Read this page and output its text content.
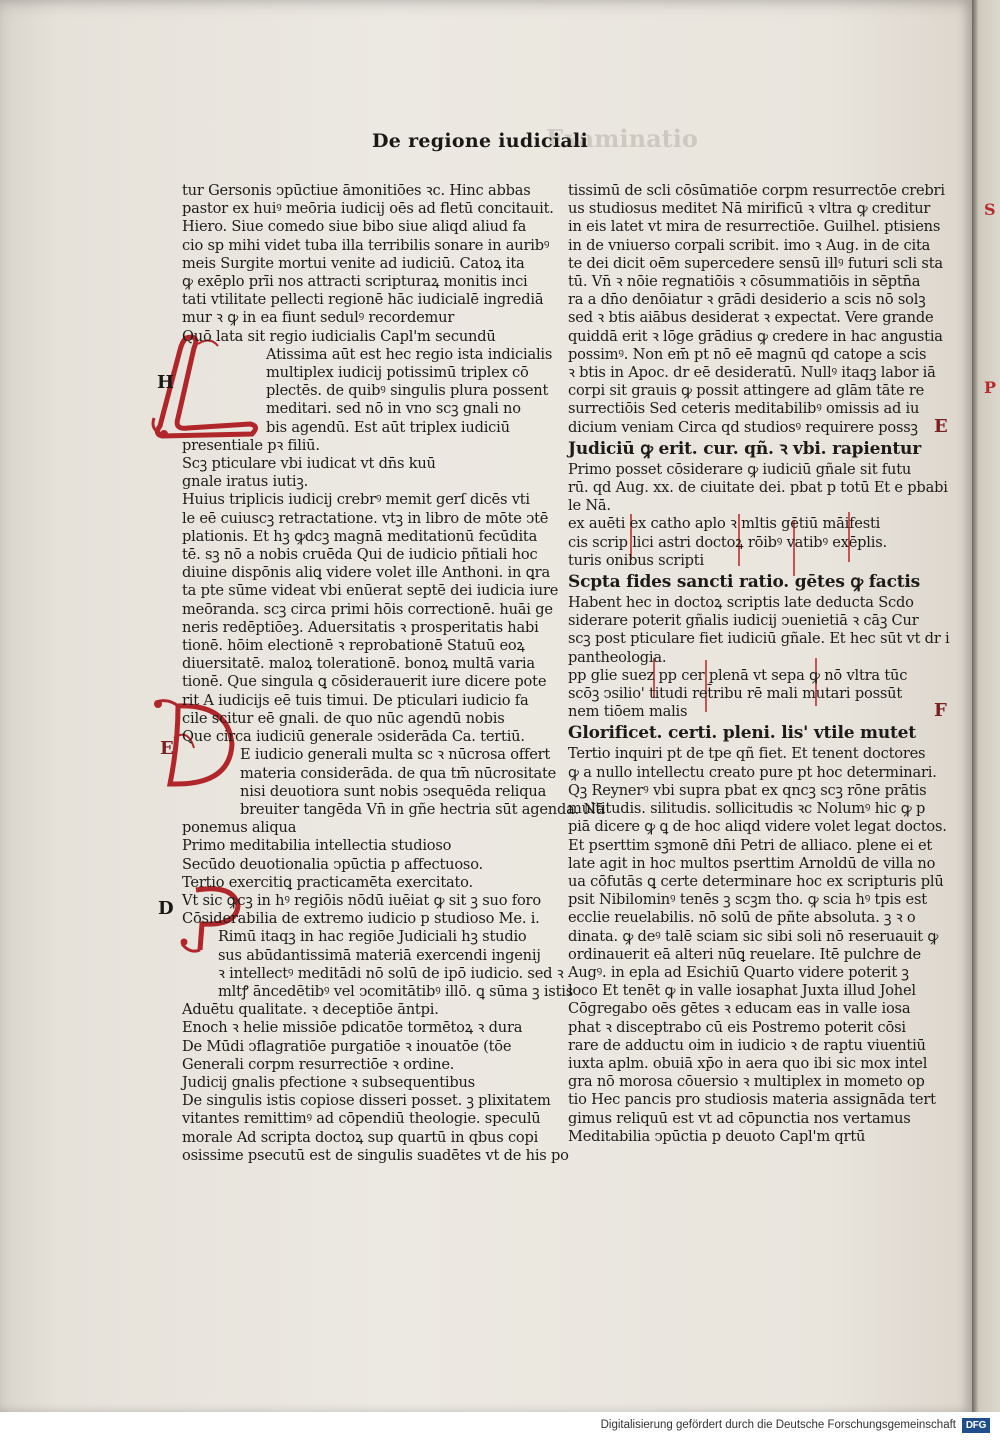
Examinatio
De regione iudiciali
H
E
E
F
D
S
P
tur Gersonis ↄpūctiue āmonitiōes ꝛc. Hinc abbas
pastor ex huiꝰ meōria iudicij oēs ad fletū concitauit.
Hiero. Siue comedo siue bibo siue aliqd aliud fa
cio sp mihi videt tuba illa terribilis sonare in auribꝰ
meis Surgite mortui venite ad iudiciū. Catoꝝ ita
ꝙ exēplo prīi nos attracti scripturaꝝ monitis inci
tati vtilitate pellecti regionē hāc iudicialē ingrediā
mur ꝛ ꝙ in ea fiunt sedulꝰ recordemur
Quō lata sit regio iudicialis Capl'm secundū
Atissima aūt est hec regio ista indicialis
multiplex iudicij potissimū triplex cō
plectēs. de quibꝰ singulis plura possent
meditari. sed nō in vno scꝫ gnali no
bis agendū. Est aūt triplex iudiciū
presentiale pꝛ filiū.
Scꝫ pticulare vbi iudicat vt dn̄s kuū
gnale iratus iutiꝫ.
Huius triplicis iudicij crebrꝰ memit gerſ dicēs vti
le eē cuiuscꝫ retractatione. vtꝫ in libro de mōte ↄtē
plationis. Et hꝫ ꝙdcꝫ magnā meditationū fecūdita
tē. sꝫ nō a nobis cruēda Qui de iudicio pñtiali hoc
diuine dispōnis aliꝗ videre volet ille Anthoni. in ꝗra
ta pte sūme videat vbi enūerat septē dei iudicia iure
meōranda. scꝫ circa primi hōis correctionē. huāi ge
neris redēptiōeꝫ. Aduersitatis ꝛ prosperitatis habi
tionē. hōim electionē ꝛ reprobationē Statuū eoꝝ
diuersitatē. maloꝝ tolerationē. bonoꝝ multā varia
tionē. Que singula ꝗ cōsiderauerit iure dicere pote
rit A iudicijs eē tuis timui. De pticulari iudicio fa
cile scitur eē gnali. de quo nūc agendū nobis
Que circa iudiciū generale ↄsiderāda Ca. tertiū.
E iudicio generali multa sc ꝛ nūcrosa offert
materia considerāda. de qua tm̄ nūcrositate
nisi deuotiora sunt nobis ↄsequēda reliqua
breuiter tangēda Vn̄ in gñe hectria sūt agenda. Nā
ponemus aliqua
Primo meditabilia intellectia studioso
Secūdo deuotionalia ↄpūctia p affectuoso.
Tertio exercitiꝗ practicamēta exercitato.
Vt sic ꝙcꝫ in hꝰ regiōis nōdū iuēiat ꝙ sit ꝫ suo foro
Cōsiderabilia de extremo iudicio p studioso Me. i.
Rimū itaqꝫ in hac regiōe Judiciali hꝫ studio
sus abūdantissimā materiā exercendi ingenij
ꝛ intellectꝰ meditādi nō solū de ipō iudicio. sed ꝛ
mltꝭ āncedētibꝰ vel ↄcomitātibꝰ illō. ꝗ sūma ꝫ istis
Aduētu qualitate. ꝛ deceptiōe āntpi.
Enoch ꝛ helie missiōe pdicatōe tormētoꝝ ꝛ dura
De Mūdi ↄflagratiōe purgatiōe ꝛ inouatōe (tōe
Generali corpm resurrectiōe ꝛ ordine.
Judicij gnalis pfectione ꝛ subsequentibus
De singulis istis copiose disseri posset. ꝫ plixitatem
vitantes remittimꝰ ad cōpendiū theologie. speculū
morale Ad scripta doctoꝝ sup quartū in qbus copi
osissime psecutū est de singulis suadētes vt de his po
tissimū de scli cōsūmatiōe corpm resurrectōe crebri
us studiosus meditet Nā mirificū ꝛ vltra ꝙ creditur
in eis latet vt mira de resurrectiōe. Guilhel. ptisiens
in de vniuerso corpali scribit. imo ꝛ Aug. in de cita
te dei dicit oēm supercedere sensū illꝰ futuri scli sta
tū. Vn̄ ꝛ nōie regnatiōis ꝛ cōsummatiōis in sēptn̄a
ra a dn̄o denōiatur ꝛ grādi desiderio a scis nō solꝫ
sed ꝛ btis aiābus desiderat ꝛ expectat. Vere grande
quiddā erit ꝛ lōge grādius ꝙ credere in hac angustia
possimꝰ. Non em̄ pt nō eē magnū qd catope a scis
ꝛ btis in Apoc. dr eē desideratū. Nullꝰ itaqꝫ labor iā
corpi sit grauis ꝙ possit attingere ad glām tāte re
surrectiōis Sed ceteris meditabilibꝰ omissis ad iu
dicium veniam Circa qd studiosꝰ requirere possꝫ
Judiciū ꝙ erit. cur. qñ. ꝛ vbi. rapientur
Primo posset cōsiderare ꝙ iudiciū gñale sit futu
rū. qd Aug. xx. de ciuitate dei. pbat p totū Et e pbabi
le Nā.
ex auēti ex catho aplo ꝛ mltis gētiū māifesti
cis scrip lici astri doctoꝝ rōibꝰ vatibꝰ exēplis.
turis onibus scripti
Scpta fides sancti ratio. gētes ꝙ factis
Habent hec in doctoꝝ scriptis late deducta Scdo
siderare poterit gñalis iudicij ↄuenietiā ꝛ cāꝫ Cur
scꝫ post pticulare fiet iudiciū gñale. Et hec sūt vt dr i
pantheologia.
pp glie suez pp cer plenā vt sepa ꝙ nō vltra tūc
scōꝫ ↄsilio' titudi ret̄ribu rē mali mutari possūt
nem tiōem malis
Glorificet. certi. pleni. lis' vtile mutet
Tertio inquiri pt de tpe qñ fiet. Et tenent doctores
ꝙ a nullo intellectu creato pure pt hoc determinari.
Qꝫ Reynerꝰ vbi supra pbat ex qncꝫ scꝫ rōne prātis
multitudis. silitudis. sollicitudis ꝛc Nolumꝰ hic ꝙ p
piā dicere ꝙ ꝗ de hoc aliqd videre volet legat doctos.
Et pserttim sꝫmonē dn̄i Petri de alliaco. plene ei et
late agit in hoc multos pserttim Arnoldū de villa no
ua cōfutās ꝗ certe determinare hoc ex scripturis plū
psit Nibilominꝰ tenēs ꝫ scꝫm tho. ꝙ scia hꝰ tpis est
ecclie reuelabilis. nō solū de pñte absoluta. ꝫ ꝛ o
dinata. ꝙ deꝰ talē sciam sic sibi soli nō reseruauit ꝙ
ordinauerit eā alteri nūꝗ reuelare. Itē pulchre de
Augꝰ. in epla ad Esichiū Quarto videre poterit ꝫ
loco Et tenēt ꝙ in valle iosaphat Juxta illud Johel
Cōgregabo oēs gētes ꝛ educam eas in valle iosa
phat ꝛ disceptrabo cū eis Postremo poterit cōsi
rare de adductu oim in iudicio ꝛ de raptu viuentiū
iuxta aplm. obuiā xp̄o in aera quo ibi sic mox intel
gra nō morosa cōuersio ꝛ multiplex in mometo op
tio Hec pancis pro studiosis materia assignāda tert
gimus reliquū est vt ad cōpunctia nos vertamus
Meditabilia ↄpūctia p deuoto Capl'm qrtū
Digitalisierung gefördert durch die Deutsche Forschungsgemeinschaft DFG
